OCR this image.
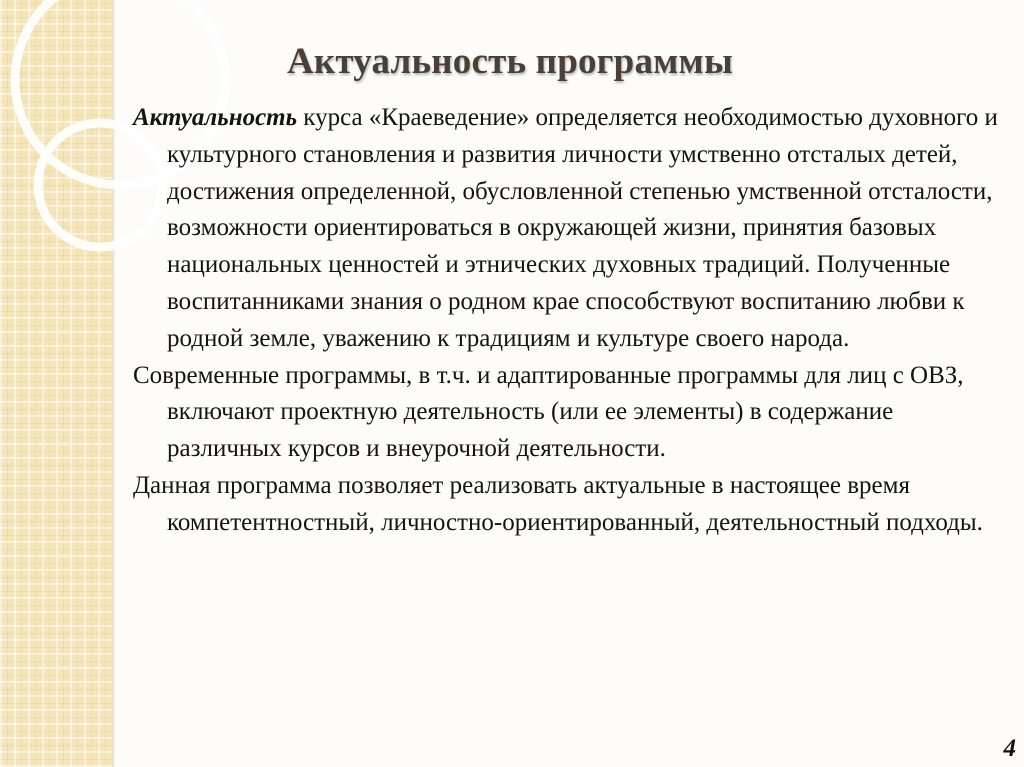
Актуальность программы

Актуальность курса «Краеведение» определяется необходимостью духовного и культурного становления и развития личности умственно отсталых детей, достижения определенной, обусловленной степенью умственной отсталости, возможности ориентироваться в окружающей жизни, принятия базовых национальных ценностей и этнических духовных традиций. Полученные воспитанниками знания о родном крае способствуют воспитанию любви к родной земле, уважению к традициям и культуре своего народа.

Современные программы, в т.ч. и адаптированные программы для лиц с ОВЗ, включают проектную деятельность (или ее элементы) в содержание различных курсов и внеурочной деятельности.

Данная программа позволяет реализовать актуальные в настоящее время компетентностный, личностно-ориентированный, деятельностный подходы.

4
